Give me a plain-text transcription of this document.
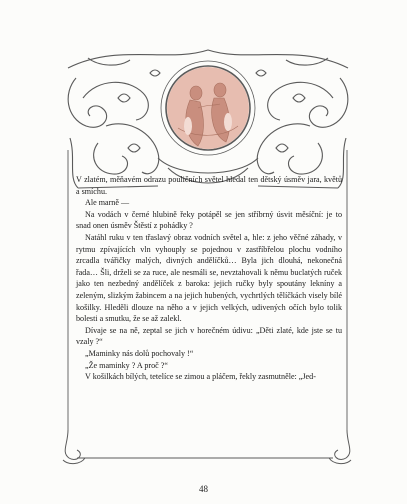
V zlatém, měňavém odrazu pouličních světel hledal ten dětský úsměv jara, květů a smíchu.

Ale marně —

Na vodách v černé hlubině řeky potápěl se jen stříbrný úsvit měsíční: je to snad onen úsměv Štěstí z pohádky ?

Natáhl ruku v ten třaslavý obraz vodních světel a, hle: z jeho věčné záhady, v rytmu zpívajících vln vyhouply se pojednou v zastříbřelou plochu vodního zrcadla tvářičky malých, divných andělíčků… Byla jich dlouhá, nekonečná řada… Šli, drželi se za ruce, ale nesmáli se, nevztahovali k němu buclatých ruček jako ten nezbedný andělíček z baroka: jejich ručky byly spoutány lekníny a zeleným, slizkým žabincem a na jejich hubených, vychrtlých tělíčkách visely bílé košilky. Hleděli dlouze na něho a v jejich velkých, udivených očích bylo tolik bolesti a smutku, že se až zalekl.

Dívaje se na ně, zeptal se jich v horečném údivu: „Děti zlaté, kde jste se tu vzaly ?“

„Maminky nás dolů pochovaly !“

„Že maminky ? A proč ?“

V košilkách bílých, tetelíce se zimou a pláčem, řekly zasmutněle: „Jed-

48
